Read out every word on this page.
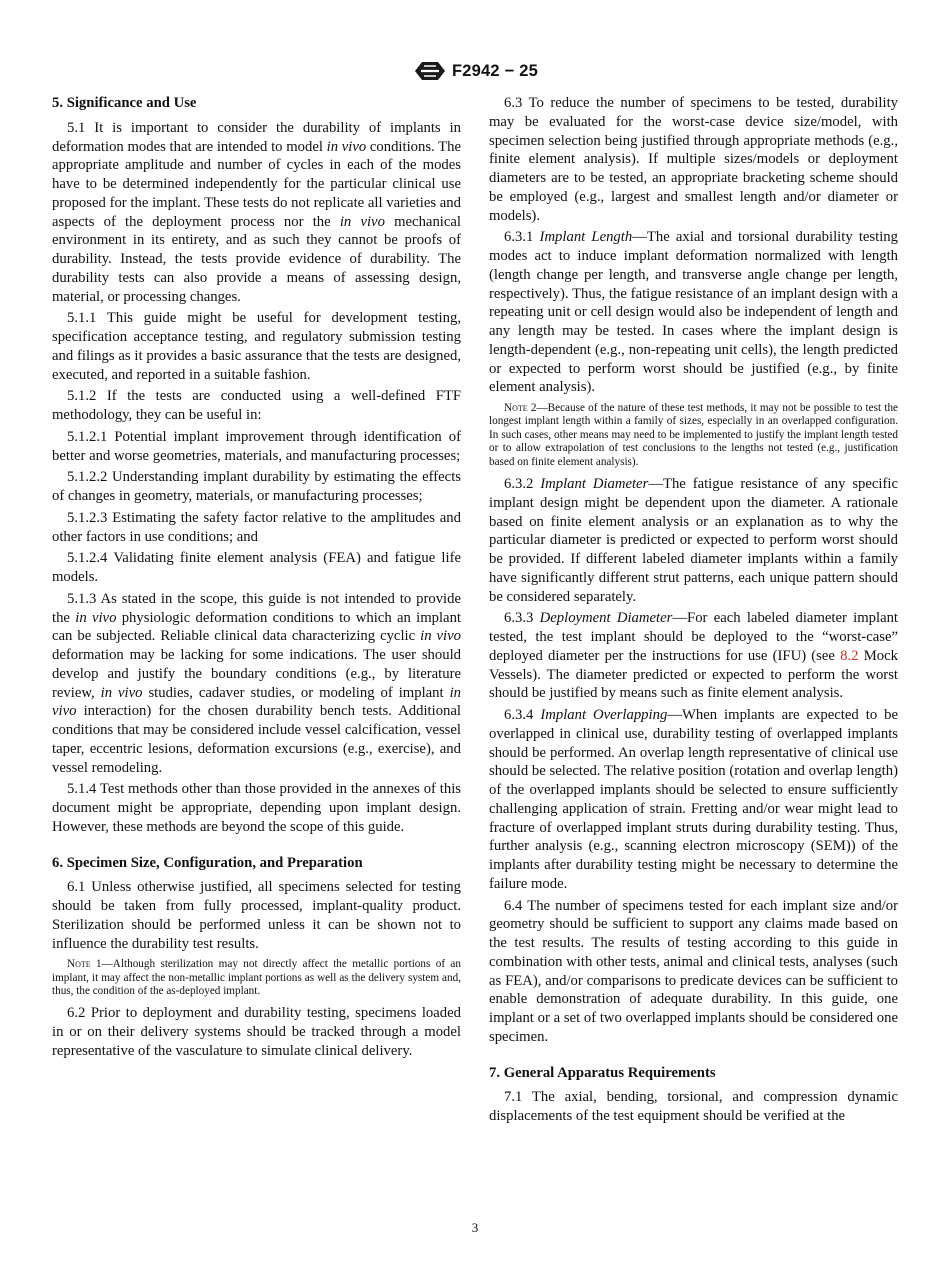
F2942 − 25
5. Significance and Use

5.1 It is important to consider the durability of implants in deformation modes that are intended to model in vivo conditions. The appropriate amplitude and number of cycles in each of the modes have to be determined independently for the particular clinical use proposed for the implant. These tests do not replicate all varieties and aspects of the deployment process nor the in vivo mechanical environment in its entirety, and as such they cannot be proofs of durability. Instead, the tests provide evidence of durability. The durability tests can also provide a means of assessing design, material, or processing changes.

5.1.1 This guide might be useful for development testing, specification acceptance testing, and regulatory submission testing and filings as it provides a basic assurance that the tests are designed, executed, and reported in a suitable fashion.

5.1.2 If the tests are conducted using a well-defined FTF methodology, they can be useful in:

5.1.2.1 Potential implant improvement through identification of better and worse geometries, materials, and manufacturing processes;

5.1.2.2 Understanding implant durability by estimating the effects of changes in geometry, materials, or manufacturing processes;

5.1.2.3 Estimating the safety factor relative to the amplitudes and other factors in use conditions; and

5.1.2.4 Validating finite element analysis (FEA) and fatigue life models.

5.1.3 As stated in the scope, this guide is not intended to provide the in vivo physiologic deformation conditions to which an implant can be subjected. Reliable clinical data characterizing cyclic in vivo deformation may be lacking for some indications. The user should develop and justify the boundary conditions (e.g., by literature review, in vivo studies, cadaver studies, or modeling of implant in vivo interaction) for the chosen durability bench tests. Additional conditions that may be considered include vessel calcification, vessel taper, eccentric lesions, deformation excursions (e.g., exercise), and vessel remodeling.

5.1.4 Test methods other than those provided in the annexes of this document might be appropriate, depending upon implant design. However, these methods are beyond the scope of this guide.

6. Specimen Size, Configuration, and Preparation

6.1 Unless otherwise justified, all specimens selected for testing should be taken from fully processed, implant-quality product. Sterilization should be performed unless it can be shown not to influence the durability test results.

Note 1—Although sterilization may not directly affect the metallic portions of an implant, it may affect the non-metallic implant portions as well as the delivery system and, thus, the condition of the as-deployed implant.

6.2 Prior to deployment and durability testing, specimens loaded in or on their delivery systems should be tracked through a model representative of the vasculature to simulate clinical delivery.

6.3 To reduce the number of specimens to be tested, durability may be evaluated for the worst-case device size/model, with specimen selection being justified through appropriate methods (e.g., finite element analysis). If multiple sizes/models or deployment diameters are to be tested, an appropriate bracketing scheme should be employed (e.g., largest and smallest length and/or diameter or models).

6.3.1 Implant Length—The axial and torsional durability testing modes act to induce implant deformation normalized with length (length change per length, and transverse angle change per length, respectively). Thus, the fatigue resistance of an implant design with a repeating unit or cell design would also be independent of length and any length may be tested. In cases where the implant design is length-dependent (e.g., non-repeating unit cells), the length predicted or expected to perform worst should be justified (e.g., by finite element analysis).

Note 2—Because of the nature of these test methods, it may not be possible to test the longest implant length within a family of sizes, especially in an overlapped configuration. In such cases, other means may need to be implemented to justify the implant length tested or to allow extrapolation of test conclusions to the lengths not tested (e.g., justification based on finite element analysis).

6.3.2 Implant Diameter—The fatigue resistance of any specific implant design might be dependent upon the diameter. A rationale based on finite element analysis or an explanation as to why the particular diameter is predicted or expected to perform worst should be provided. If different labeled diameter implants within a family have significantly different strut patterns, each unique pattern should be considered separately.

6.3.3 Deployment Diameter—For each labeled diameter implant tested, the test implant should be deployed to the “worst-case” deployed diameter per the instructions for use (IFU) (see 8.2 Mock Vessels). The diameter predicted or expected to perform the worst should be justified by means such as finite element analysis.

6.3.4 Implant Overlapping—When implants are expected to be overlapped in clinical use, durability testing of overlapped implants should be performed. An overlap length representative of clinical use should be selected. The relative position (rotation and overlap length) of the overlapped implants should be selected to ensure sufficiently challenging application of strain. Fretting and/or wear might lead to fracture of overlapped implant struts during durability testing. Thus, further analysis (e.g., scanning electron microscopy (SEM)) of the implants after durability testing might be necessary to determine the failure mode.

6.4 The number of specimens tested for each implant size and/or geometry should be sufficient to support any claims made based on the test results. The results of testing according to this guide in combination with other tests, animal and clinical tests, analyses (such as FEA), and/or comparisons to predicate devices can be sufficient to enable demonstration of adequate durability. In this guide, one implant or a set of two overlapped implants should be considered one specimen.

7. General Apparatus Requirements

7.1 The axial, bending, torsional, and compression dynamic displacements of the test equipment should be verified at the

3
